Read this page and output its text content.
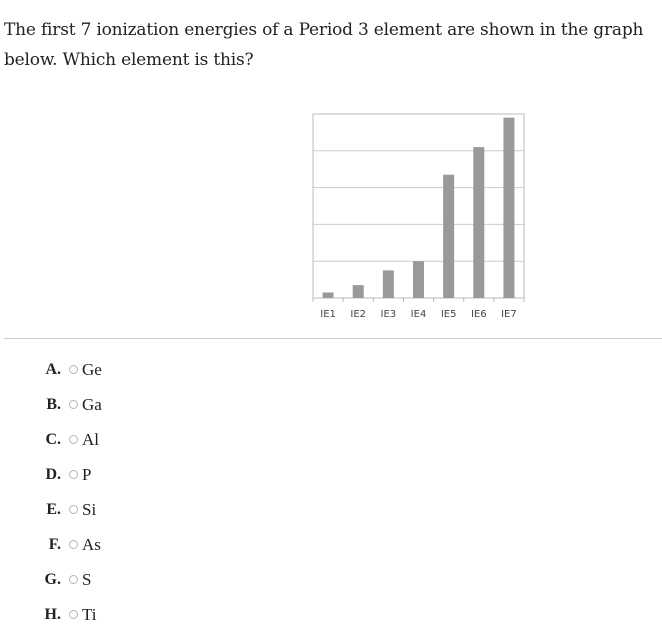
The first 7 ionization energies of a Period 3 element are shown in the graph below. Which element is this?

IE1 IE2 IE3 IE4 IE5 IE6 IE7
A. Ge
B. Ga
C. Al
D. P
E. Si
F. As
G. S
H. Ti
